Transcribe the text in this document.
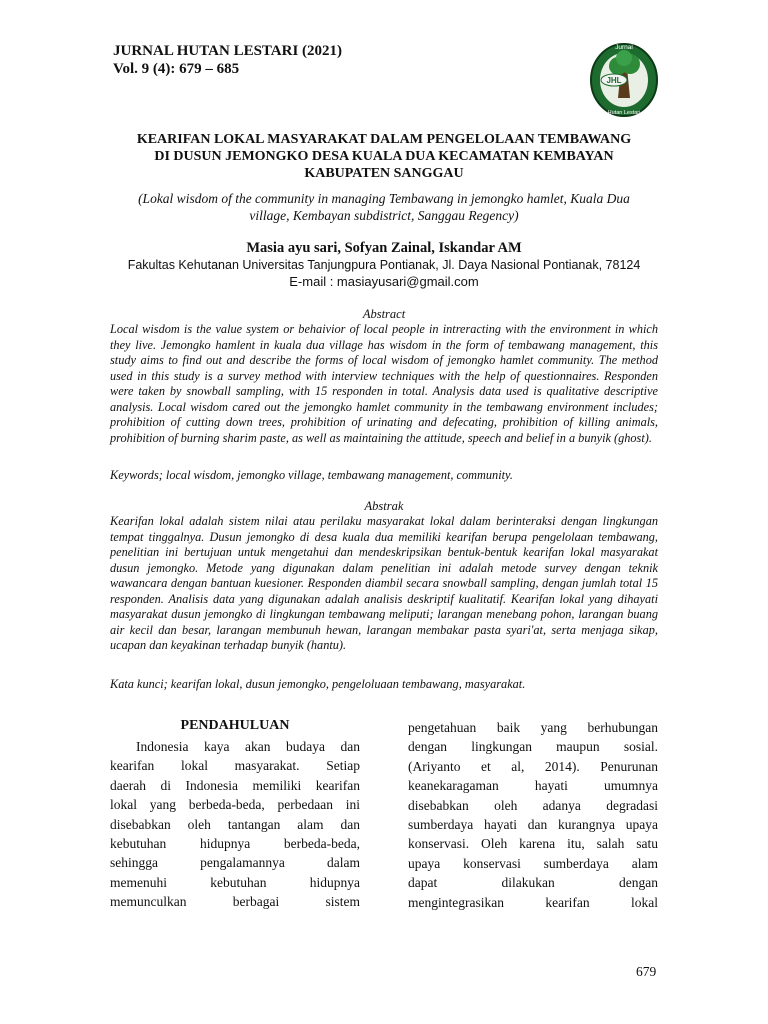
JURNAL HUTAN LESTARI (2021)
Vol. 9 (4): 679 – 685
JHL
Jurnal
Hutan Lestari
KEARIFAN LOKAL MASYARAKAT DALAM PENGELOLAAN TEMBAWANG
DI DUSUN JEMONGKO DESA KUALA DUA KECAMATAN KEMBAYAN
KABUPATEN SANGGAU
(Lokal wisdom of the community in managing Tembawang in jemongko hamlet, Kuala Dua
village, Kembayan subdistrict, Sanggau Regency)
Masia ayu sari, Sofyan Zainal, Iskandar AM
Fakultas Kehutanan Universitas Tanjungpura Pontianak, Jl. Daya Nasional Pontianak, 78124
E-mail : masiayusari@gmail.com
Abstract

Local wisdom is the value system or behaivior of local people in intreracting with the environment in which they live. Jemongko hamlent in kuala dua village has wisdom in the form of tembawang management, this study aims to find out and describe the forms of local wisdom of jemongko hamlet community. The method used in this study is a survey method with interview techniques with the help of questionnaires. Responden were taken by snowball sampling, with 15 responden in total. Analysis data used is qualitative descriptive analysis. Local wisdom cared out the jemongko hamlet community in the tembawang environment includes; prohibition of cutting down trees, prohibition of urinating and defecating, prohibition of killing animals, prohibition of burning sharim paste, as well as maintaining the attitude, speech and belief in a bunyik (ghost).

Keywords; local wisdom, jemongko village, tembawang management, community.
Abstrak

Kearifan lokal adalah sistem nilai atau perilaku masyarakat lokal dalam berinteraksi dengan lingkungan tempat tinggalnya. Dusun jemongko di desa kuala dua memiliki kearifan berupa pengelolaan tembawang, penelitian ini bertujuan untuk mengetahui dan mendeskripsikan bentuk-bentuk kearifan lokal masyarakat dusun jemongko. Metode yang digunakan dalam penelitian ini adalah metode survey dengan teknik wawancara dengan bantuan kuesioner. Responden diambil secara snowball sampling, dengan jumlah total 15 responden. Analisis data yang digunakan adalah analisis deskriptif kualitatif. Kearifan lokal yang dihayati masyarakat dusun jemongko di lingkungan tembawang meliputi; larangan menebang pohon, larangan buang air kecil dan besar, larangan membunuh hewan, larangan membakar pasta syari'at, serta menjaga sikap, ucapan dan keyakinan terhadap bunyik (hantu).

Kata kunci; kearifan lokal, dusun jemongko, pengeloluaan tembawang, masyarakat.
PENDAHULUAN
Indonesia kaya akan budaya dan
kearifan lokal masyarakat. Setiap
daerah di Indonesia memiliki kearifan
lokal yang berbeda-beda, perbedaan ini
disebabkan oleh tantangan alam dan
kebutuhan hidupnya berbeda-beda,
sehingga pengalamannya dalam
memenuhi kebutuhan hidupnya
memunculkan berbagai sistem
pengetahuan baik yang berhubungan
dengan lingkungan maupun sosial.
(Ariyanto et al, 2014). Penurunan
keanekaragaman hayati umumnya
disebabkan oleh adanya degradasi
sumberdaya hayati dan kurangnya upaya
konservasi. Oleh karena itu, salah satu
upaya konservasi sumberdaya alam
dapat dilakukan dengan
mengintegrasikan kearifan lokal
679
